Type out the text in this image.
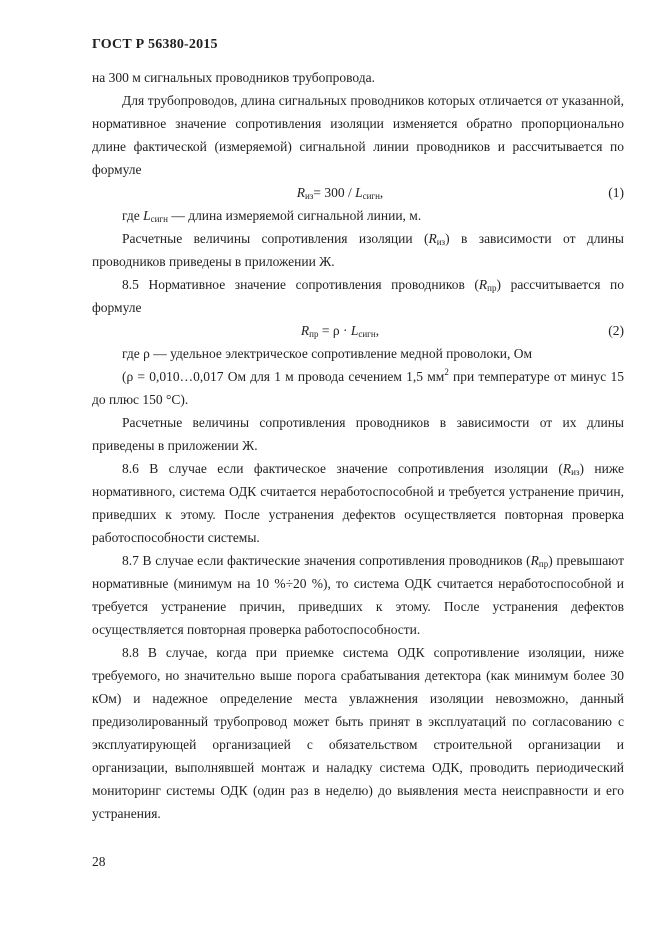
ГОСТ Р 56380-2015

на 300 м сигнальных проводников трубопровода.

Для трубопроводов, длина сигнальных проводников которых отличается от указанной, нормативное значение сопротивления изоляции изменяется обратно пропорционально длине фактической (измеряемой) сигнальной линии проводников и рассчитывается по формуле

$R_{из}= 300 / L_{сигн}$,	(1)

где $L_{сигн}$ — длина измеряемой сигнальной линии, м.

Расчетные величины сопротивления изоляции $(R_{из})$ в зависимости от длины проводников приведены в приложении Ж.

8.5 Нормативное значение сопротивления проводников $(R_{пр})$ рассчитывается по формуле

$R_{пр} = \rho \cdot L_{сигн}$,	(2)

где ρ — удельное электрическое сопротивление медной проволоки, Ом

(ρ = 0,010…0,017 Ом для 1 м провода сечением 1,5 $мм^2$ при температуре от минус 15 до плюс 150 °С).

Расчетные величины сопротивления проводников в зависимости от их длины приведены в приложении Ж.

8.6 В случае если фактическое значение сопротивления изоляции $(R_{из})$ ниже нормативного, система ОДК считается неработоспособной и требуется устранение причин, приведших к этому. После устранения дефектов осуществляется повторная проверка работоспособности системы.

8.7 В случае если фактические значения сопротивления проводников $(R_{пр})$ превышают нормативные (минимум на 10 %÷20 %), то система ОДК считается неработоспособной и требуется устранение причин, приведших к этому. После устранения дефектов осуществляется повторная проверка работоспособности.

8.8 В случае, когда при приемке система ОДК сопротивление изоляции, ниже требуемого, но значительно выше порога срабатывания детектора (как минимум более 30 кОм) и надежное определение места увлажнения изоляции невозможно, данный предизолированный трубопровод может быть принят в эксплуатаций по согласованию с эксплуатирующей организацией с обязательством строительной организации и организации, выполнявшей монтаж и наладку система ОДК, проводить периодический мониторинг системы ОДК (один раз в неделю) до выявления места неисправности и его устранения.

28
